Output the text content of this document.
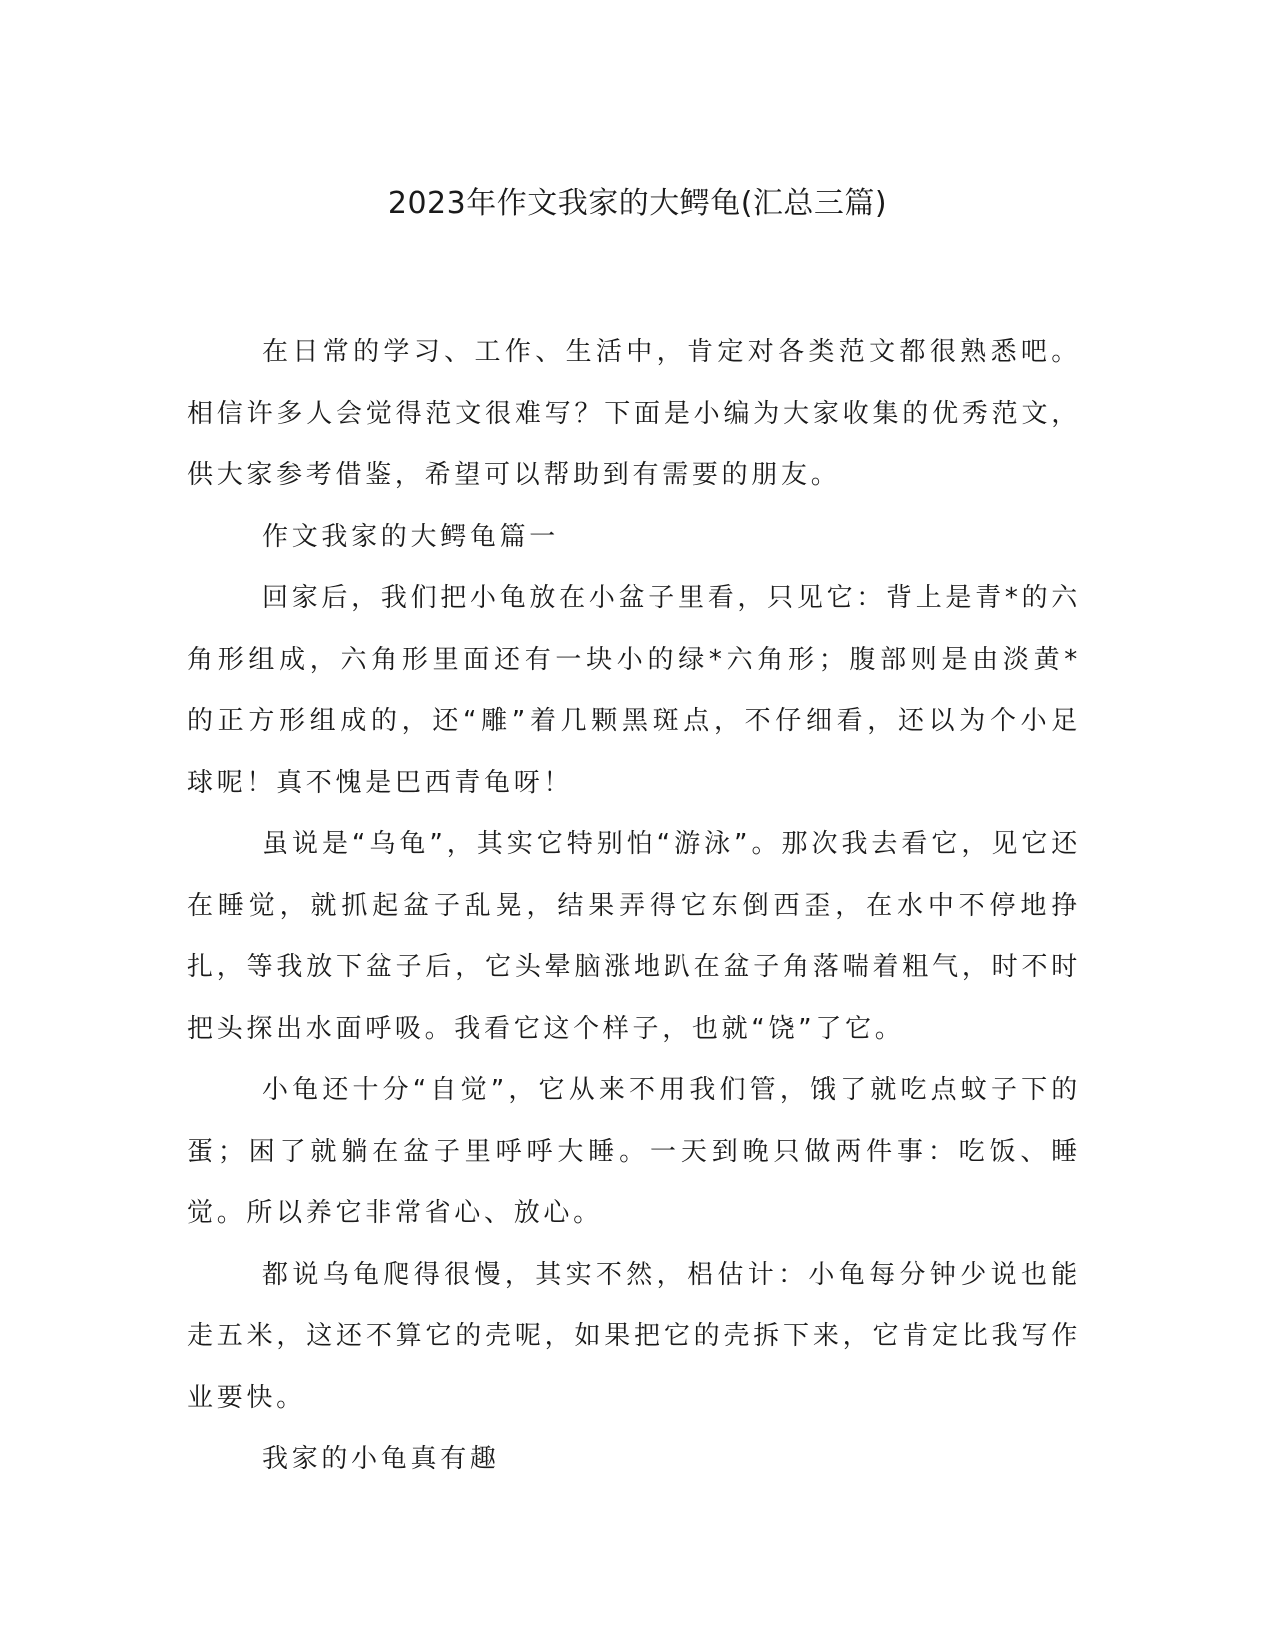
2023年作文我家的大鳄龟(汇总三篇)

在日常的学习、工作、生活中，肯定对各类范文都很熟悉吧。相信许多人会觉得范文很难写？下面是小编为大家收集的优秀范文，供大家参考借鉴，希望可以帮助到有需要的朋友。

作文我家的大鳄龟篇一

回家后，我们把小龟放在小盆子里看，只见它：背上是青*的六角形组成，六角形里面还有一块小的绿*六角形；腹部则是由淡黄*的正方形组成的，还“雕”着几颗黑斑点，不仔细看，还以为个小足球呢！真不愧是巴西青龟呀！

虽说是“乌龟”，其实它特别怕“游泳”。那次我去看它，见它还在睡觉，就抓起盆子乱晃，结果弄得它东倒西歪，在水中不停地挣扎，等我放下盆子后，它头晕脑涨地趴在盆子角落喘着粗气，时不时把头探出水面呼吸。我看它这个样子，也就“饶”了它。

小龟还十分“自觉”，它从来不用我们管，饿了就吃点蚊子下的蛋；困了就躺在盆子里呼呼大睡。一天到晚只做两件事：吃饭、睡觉。所以养它非常省心、放心。

都说乌龟爬得很慢，其实不然，梠估计：小龟每分钟少说也能走五米，这还不算它的壳呢，如果把它的壳拆下来，它肯定比我写作业要快。

我家的小龟真有趣
